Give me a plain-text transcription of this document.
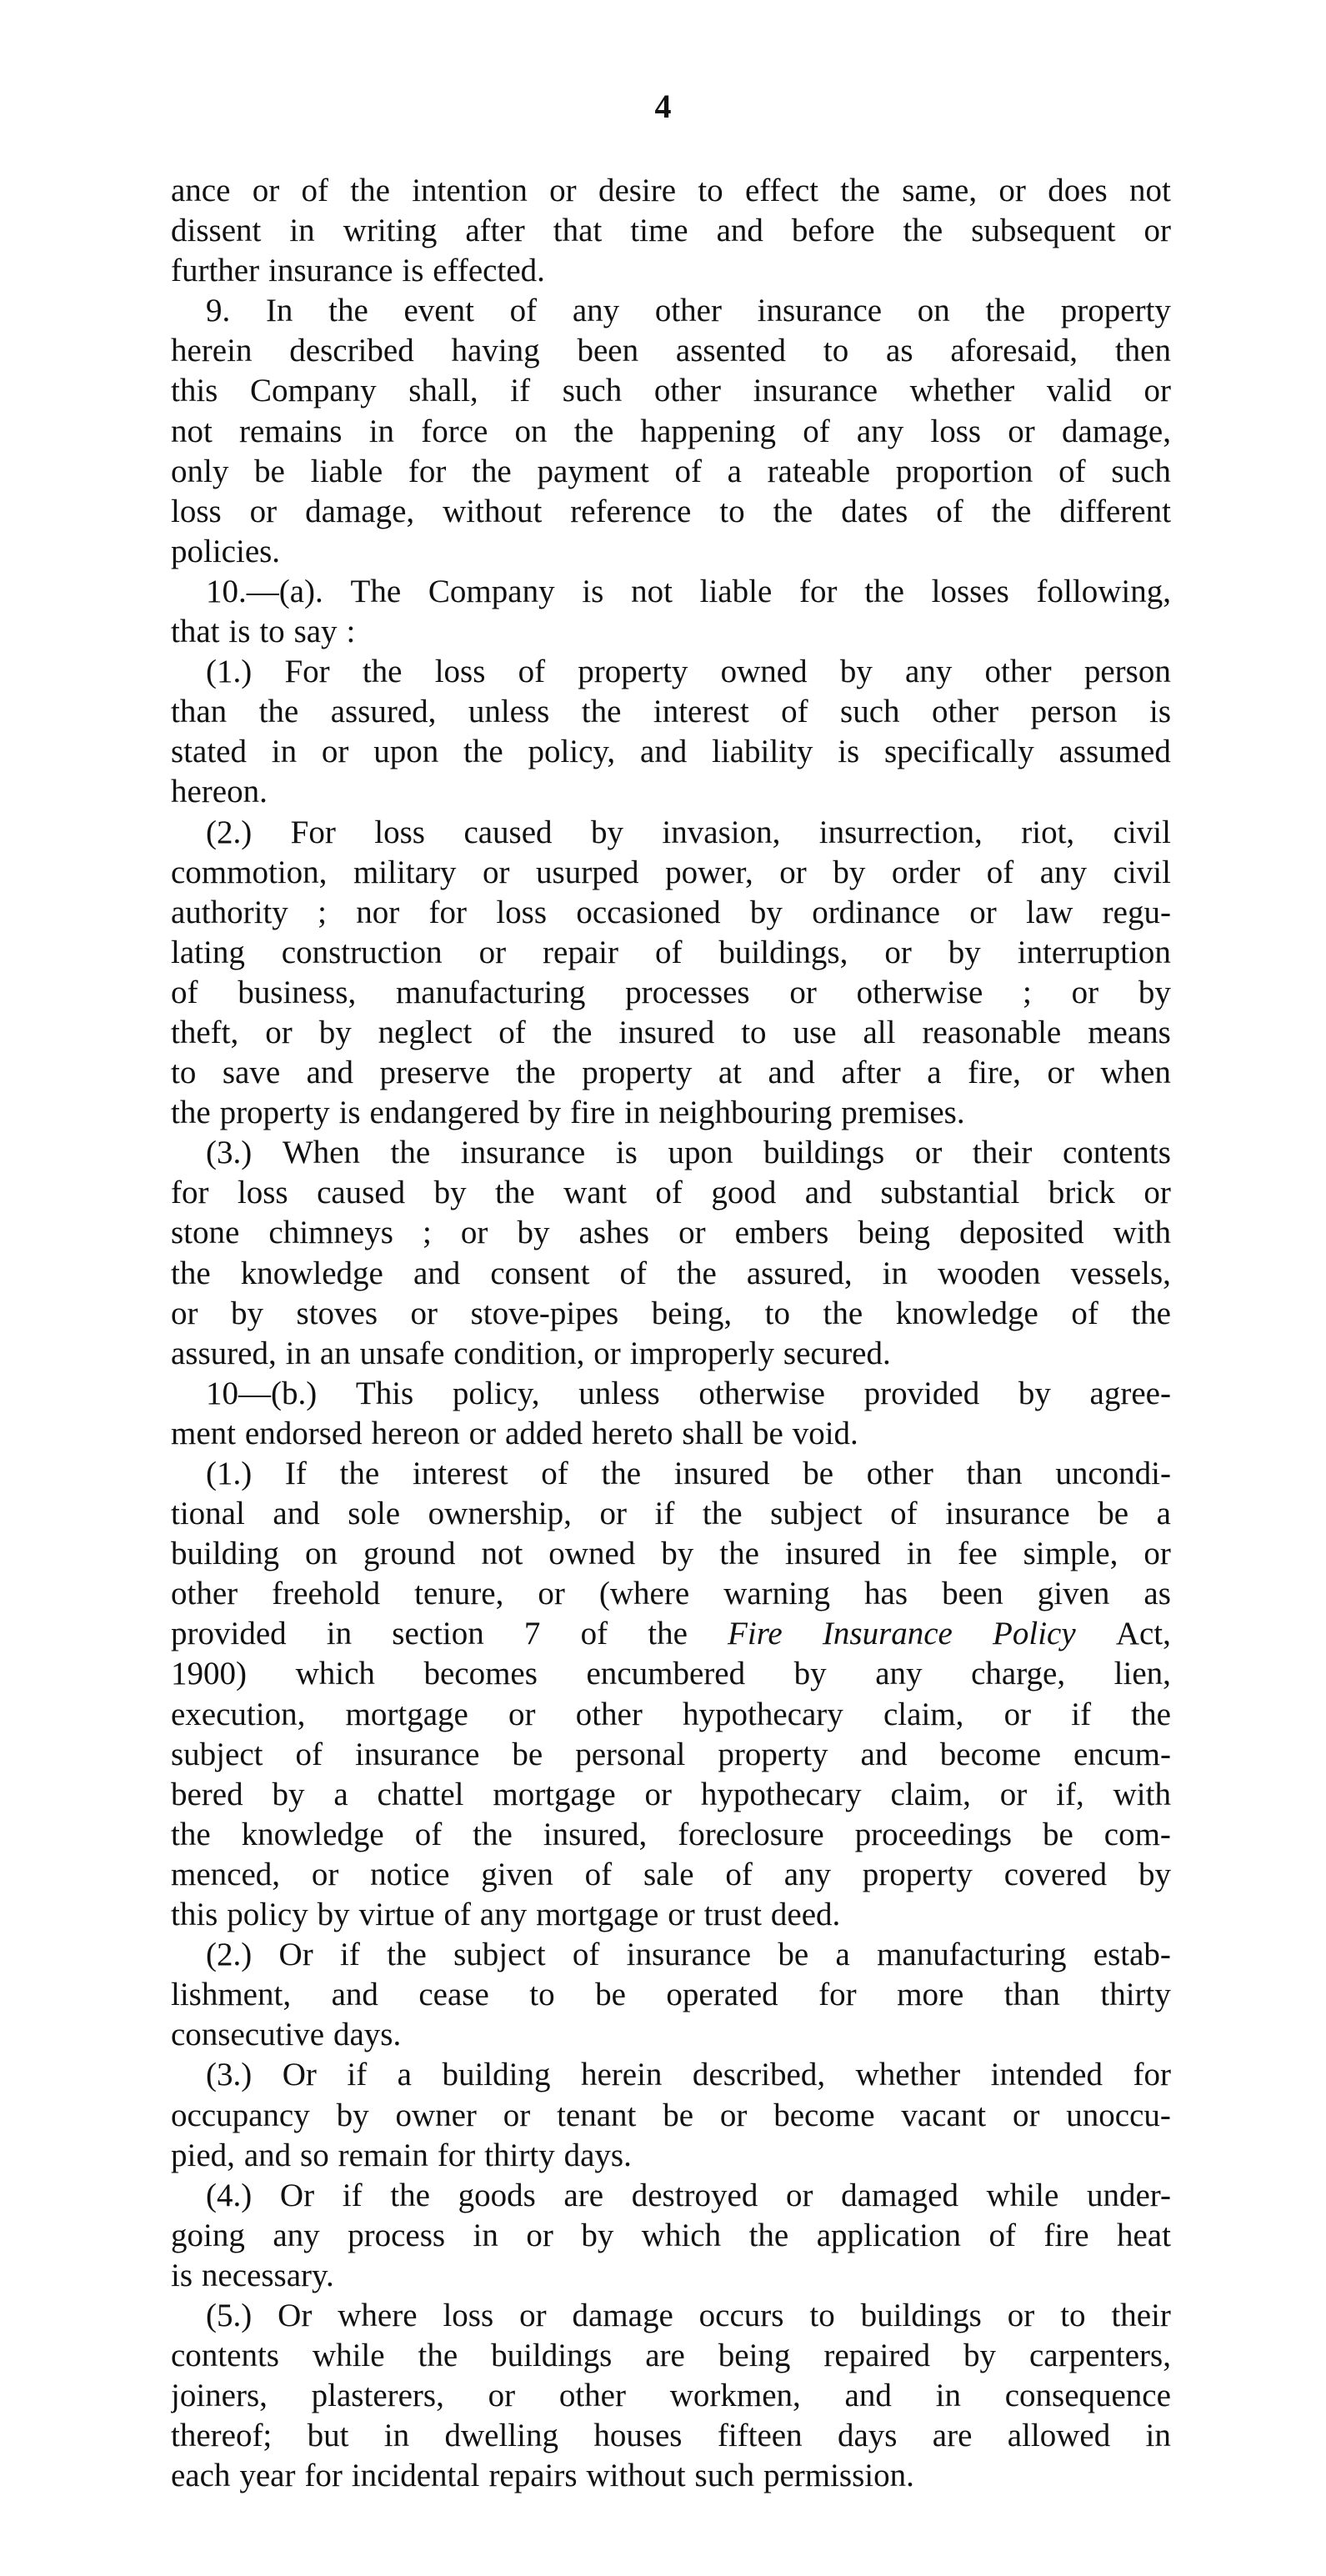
4
ance or of the intention or desire to effect the same, or does not
dissent in writing after that time and before the subsequent or
further insurance is effected.
9. In the event of any other insurance on the property
herein described having been assented to as aforesaid, then
this Company shall, if such other insurance whether valid or
not remains in force on the happening of any loss or damage,
only be liable for the payment of a rateable proportion of such
loss or damage, without reference to the dates of the different
policies.
10.—(a). The Company is not liable for the losses following,
that is to say :
(1.) For the loss of property owned by any other person
than the assured, unless the interest of such other person is
stated in or upon the policy, and liability is specifically assumed
hereon.
(2.) For loss caused by invasion, insurrection, riot, civil
commotion, military or usurped power, or by order of any civil
authority ; nor for loss occasioned by ordinance or law regu-
lating construction or repair of buildings, or by interruption
of business, manufacturing processes or otherwise ; or by
theft, or by neglect of the insured to use all reasonable means
to save and preserve the property at and after a fire, or when
the property is endangered by fire in neighbouring premises.
(3.) When the insurance is upon buildings or their contents
for loss caused by the want of good and substantial brick or
stone chimneys ; or by ashes or embers being deposited with
the knowledge and consent of the assured, in wooden vessels,
or by stoves or stove-pipes being, to the knowledge of the
assured, in an unsafe condition, or improperly secured.
10—(b.) This policy, unless otherwise provided by agree-
ment endorsed hereon or added hereto shall be void.
(1.) If the interest of the insured be other than uncondi-
tional and sole ownership, or if the subject of insurance be a
building on ground not owned by the insured in fee simple, or
other freehold tenure, or (where warning has been given as
provided in section 7 of the Fire Insurance Policy Act,
1900) which becomes encumbered by any charge, lien,
execution, mortgage or other hypothecary claim, or if the
subject of insurance be personal property and become encum-
bered by a chattel mortgage or hypothecary claim, or if, with
the knowledge of the insured, foreclosure proceedings be com-
menced, or notice given of sale of any property covered by
this policy by virtue of any mortgage or trust deed.
(2.) Or if the subject of insurance be a manufacturing estab-
lishment, and cease to be operated for more than thirty
consecutive days.
(3.) Or if a building herein described, whether intended for
occupancy by owner or tenant be or become vacant or unoccu-
pied, and so remain for thirty days.
(4.) Or if the goods are destroyed or damaged while under-
going any process in or by which the application of fire heat
is necessary.
(5.) Or where loss or damage occurs to buildings or to their
contents while the buildings are being repaired by carpenters,
joiners, plasterers, or other workmen, and in consequence
thereof; but in dwelling houses fifteen days are allowed in
each year for incidental repairs without such permission.
